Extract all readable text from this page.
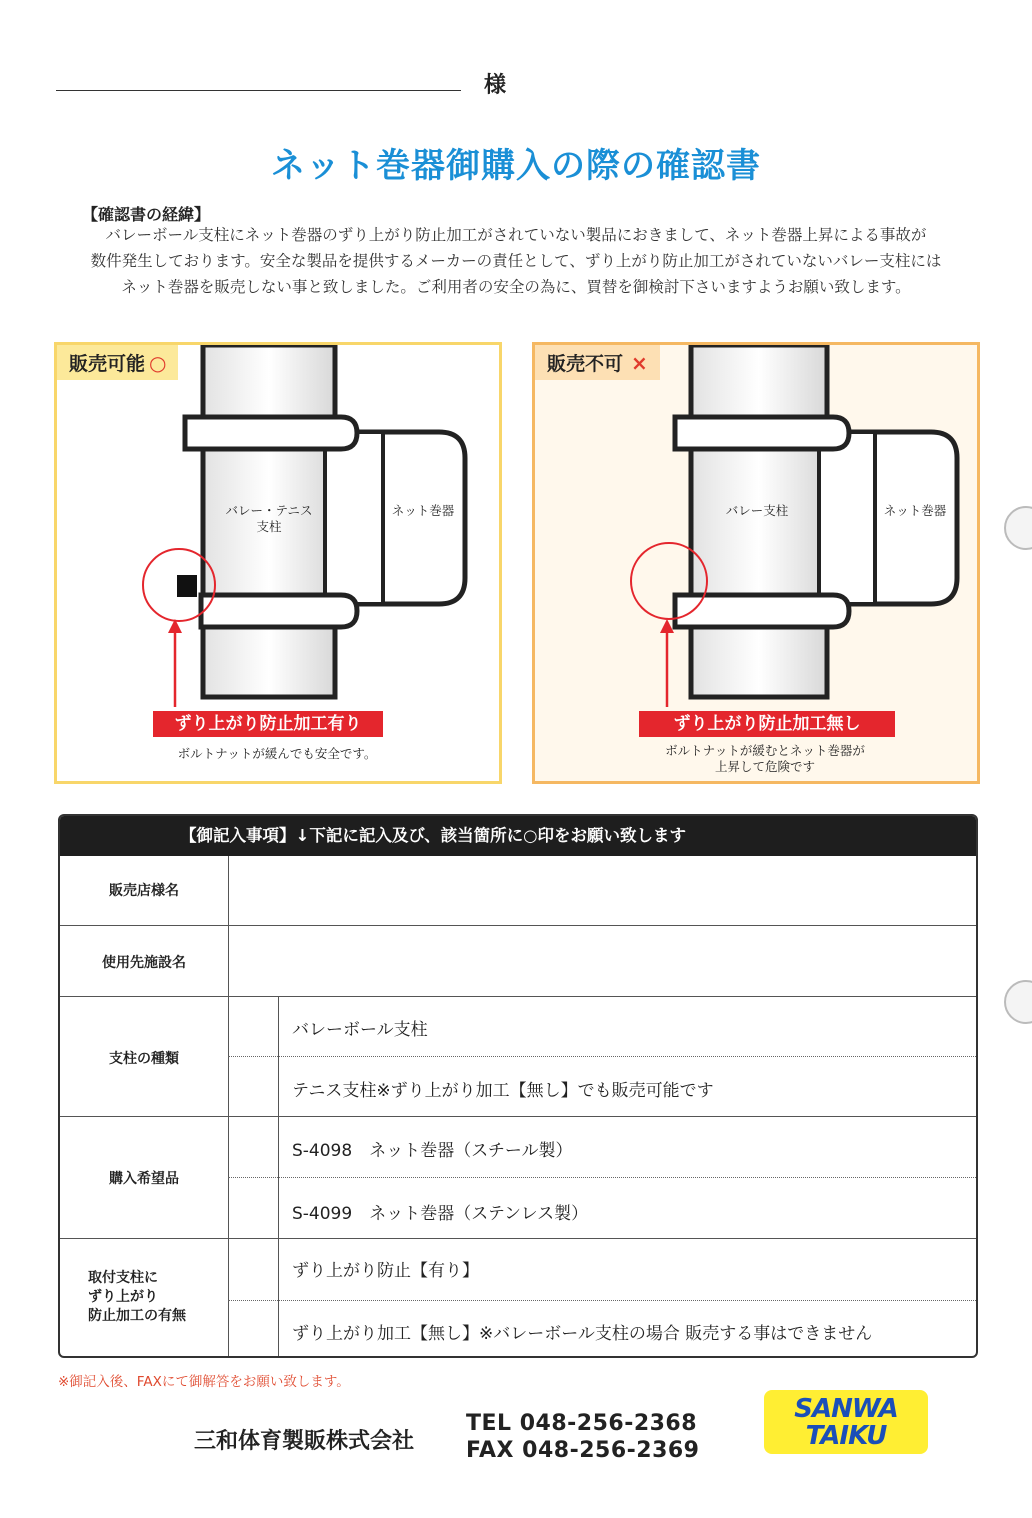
様
ネット巻器御購入の際の確認書
【確認書の経緯】
バレーボール支柱にネット巻器のずり上がり防止加工がされていない製品におきまして、ネット巻器上昇による事故が
数件発生しております。安全な製品を提供するメーカーの責任として、ずり上がり防止加工がされていないバレー支柱には
ネット巻器を販売しない事と致しました。ご利用者の安全の為に、買替を御検討下さいますようお願い致します。
販売可能 ○
バレー・テニス
支柱
ネット巻器
ずり上がり防止加工有り
ボルトナットが緩んでも安全です。
販売不可 ×
バレー支柱	ネット巻器
ずり上がり防止加工無し
ボルトナットが緩むとネット巻器が
上昇して危険です
【御記入事項】↓下記に記入及び、該当箇所に○印をお願い致します
販売店様名
使用先施設名
支柱の種類
バレーボール支柱
テニス支柱※ずり上がり加工【無し】でも販売可能です
購入希望品
S-4098　ネット巻器（スチール製）
S-4099　ネット巻器（ステンレス製）
取付支柱に
ずり上がり
防止加工の有無
ずり上がり防止【有り】
ずり上がり加工【無し】※バレーボール支柱の場合 販売する事はできません
※御記入後、FAXにて御解答をお願い致します。
三和体育製販株式会社
TEL 048-256-2368
FAX 048-256-2369
SANWA
TAIKU
